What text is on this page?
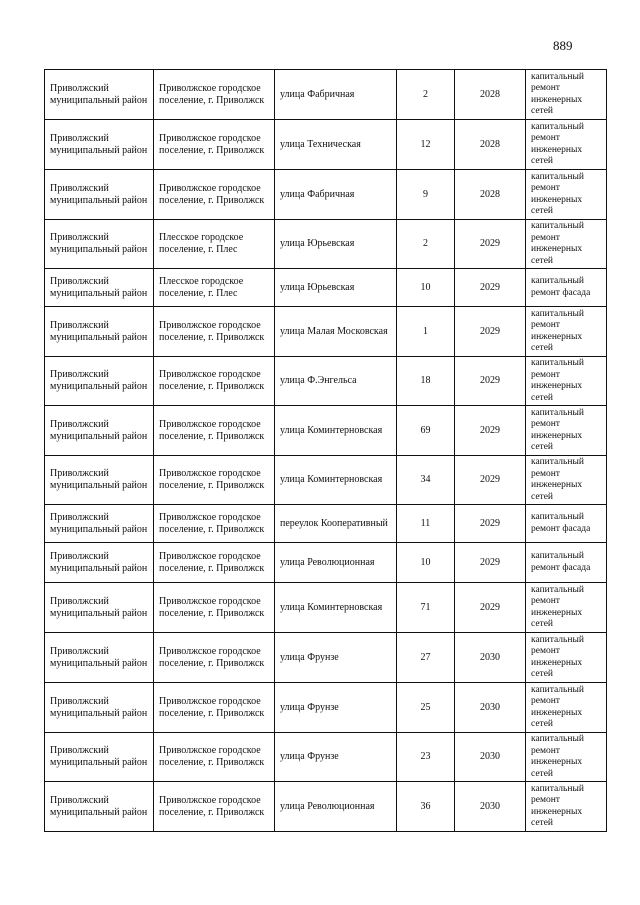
889
Приволжский муниципальный район	Приволжское городское поселение, г. Приволжск	улица Фабричная	2	2028	капитальный ремонт инженерных сетей
Приволжский муниципальный район	Приволжское городское поселение, г. Приволжск	улица Техническая	12	2028	капитальный ремонт инженерных сетей
Приволжский муниципальный район	Приволжское городское поселение, г. Приволжск	улица Фабричная	9	2028	капитальный ремонт инженерных сетей
Приволжский муниципальный район	Плесское городское поселение, г. Плес	улица Юрьевская	2	2029	капитальный ремонт инженерных сетей
Приволжский муниципальный район	Плесское городское поселение, г. Плес	улица Юрьевская	10	2029	капитальный ремонт фасада
Приволжский муниципальный район	Приволжское городское поселение, г. Приволжск	улица Малая Московская	1	2029	капитальный ремонт инженерных сетей
Приволжский муниципальный район	Приволжское городское поселение, г. Приволжск	улица Ф.Энгельса	18	2029	капитальный ремонт инженерных сетей
Приволжский муниципальный район	Приволжское городское поселение, г. Приволжск	улица Коминтерновская	69	2029	капитальный ремонт инженерных сетей
Приволжский муниципальный район	Приволжское городское поселение, г. Приволжск	улица Коминтерновская	34	2029	капитальный ремонт инженерных сетей
Приволжский муниципальный район	Приволжское городское поселение, г. Приволжск	переулок Кооперативный	11	2029	капитальный ремонт фасада
Приволжский муниципальный район	Приволжское городское поселение, г. Приволжск	улица Революционная	10	2029	капитальный ремонт фасада
Приволжский муниципальный район	Приволжское городское поселение, г. Приволжск	улица Коминтерновская	71	2029	капитальный ремонт инженерных сетей
Приволжский муниципальный район	Приволжское городское поселение, г. Приволжск	улица Фрунзе	27	2030	капитальный ремонт инженерных сетей
Приволжский муниципальный район	Приволжское городское поселение, г. Приволжск	улица Фрунзе	25	2030	капитальный ремонт инженерных сетей
Приволжский муниципальный район	Приволжское городское поселение, г. Приволжск	улица Фрунзе	23	2030	капитальный ремонт инженерных сетей
Приволжский муниципальный район	Приволжское городское поселение, г. Приволжск	улица Революционная	36	2030	капитальный ремонт инженерных сетей
